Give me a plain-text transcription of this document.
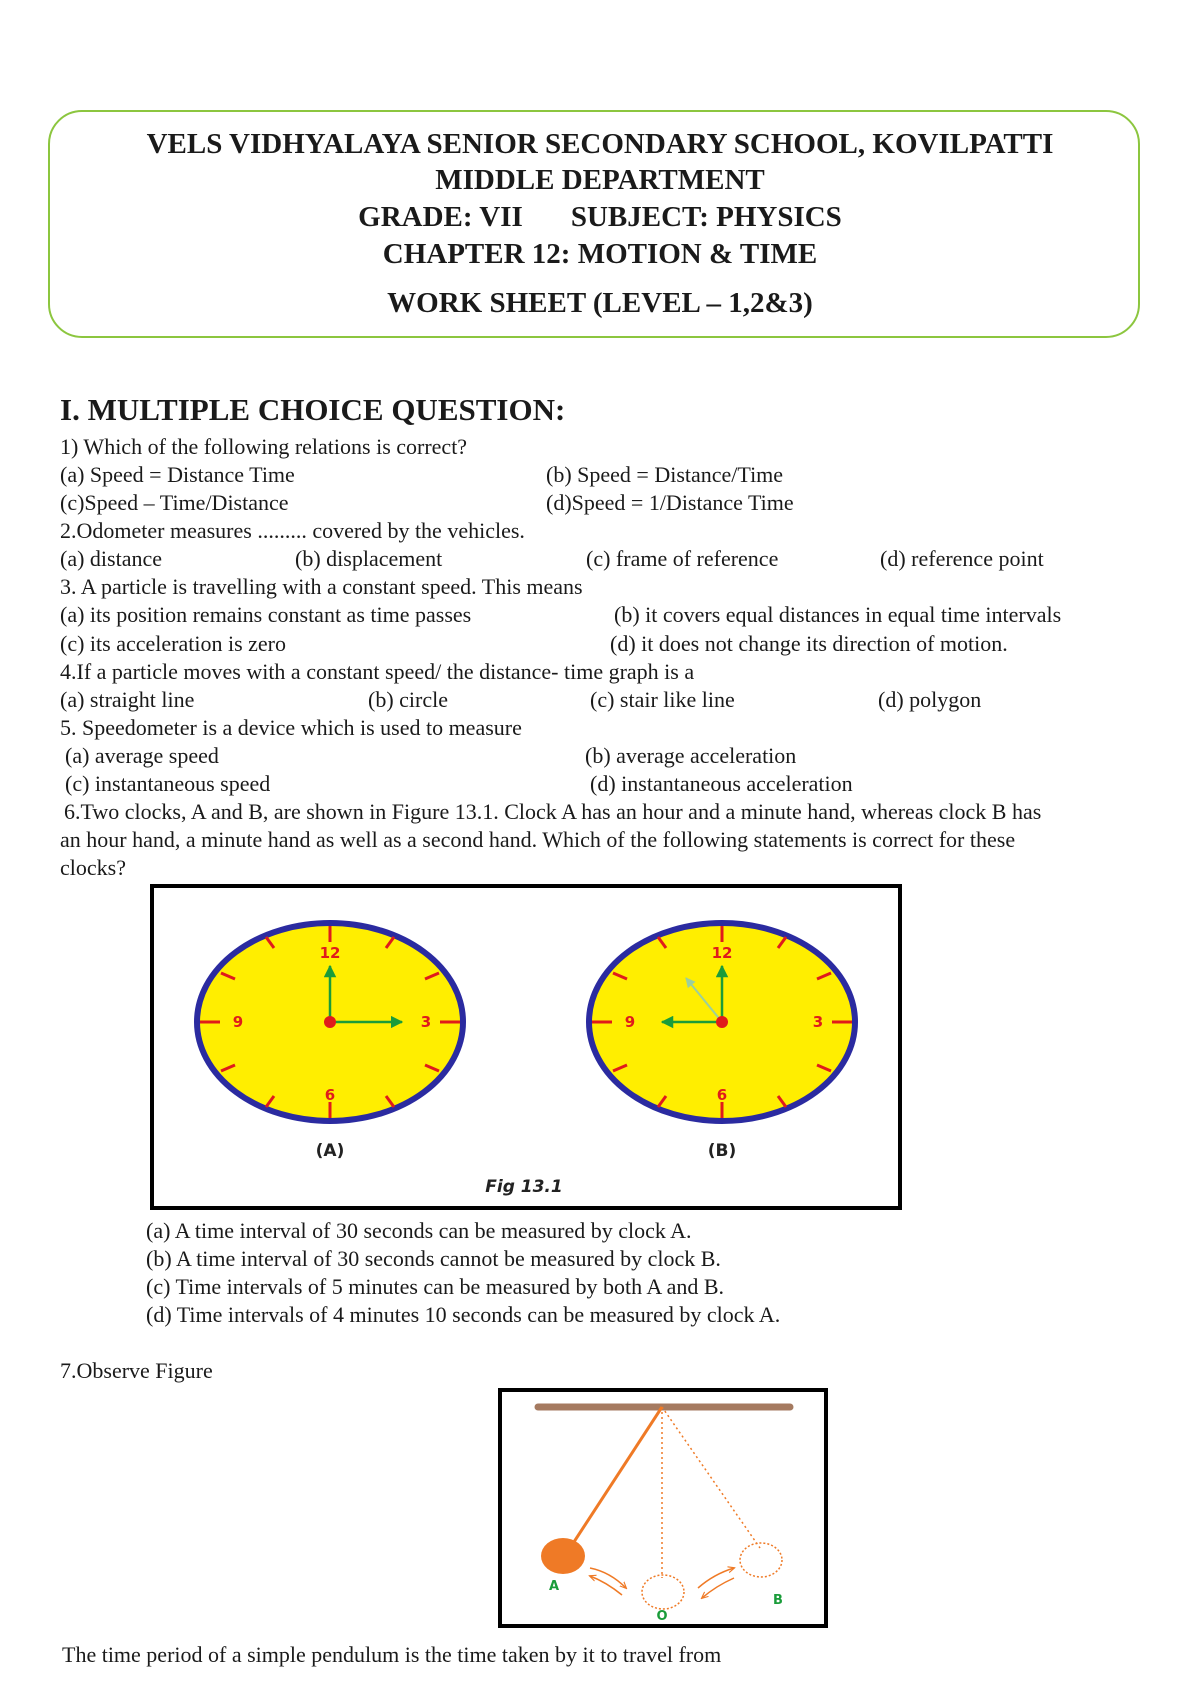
VELS VIDHYALAYA SENIOR SECONDARY SCHOOL, KOVILPATTI
MIDDLE DEPARTMENT
GRADE: VII SUBJECT: PHYSICS
CHAPTER 12: MOTION & TIME
WORK SHEET (LEVEL – 1,2&3)
I. MULTIPLE CHOICE QUESTION:
1) Which of the following relations is correct?
(a) Speed = Distance Time	(b) Speed = Distance/Time
(c)Speed – Time/Distance	(d)Speed = 1/Distance Time
2.Odometer measures ......... covered by the vehicles.
(a) distance	(b) displacement	(c) frame of reference	(d) reference point
3. A particle is travelling with a constant speed. This means
(a) its position remains constant as time passes	(b) it covers equal distances in equal time intervals
(c) its acceleration is zero	(d) it does not change its direction of motion.
4.If a particle moves with a constant speed/ the distance- time graph is a
(a) straight line	(b) circle	(c) stair like line	(d) polygon
5. Speedometer is a device which is used to measure
(a) average speed	(b) average acceleration
(c) instantaneous speed	(d) instantaneous acceleration
6.Two clocks, A and B, are shown in Figure 13.1. Clock A has an hour and a minute hand, whereas clock B has
an hour hand, a minute hand as well as a second hand. Which of the following statements is correct for these
clocks?
12
3
6
9
(A)
12
3
6
9
(B)
Fig 13.1
(a) A time interval of 30 seconds can be measured by clock A.
(b) A time interval of 30 seconds cannot be measured by clock B.
(c) Time intervals of 5 minutes can be measured by both A and B.
(d) Time intervals of 4 minutes 10 seconds can be measured by clock A.
7.Observe Figure
A
O
B
The time period of a simple pendulum is the time taken by it to travel from
